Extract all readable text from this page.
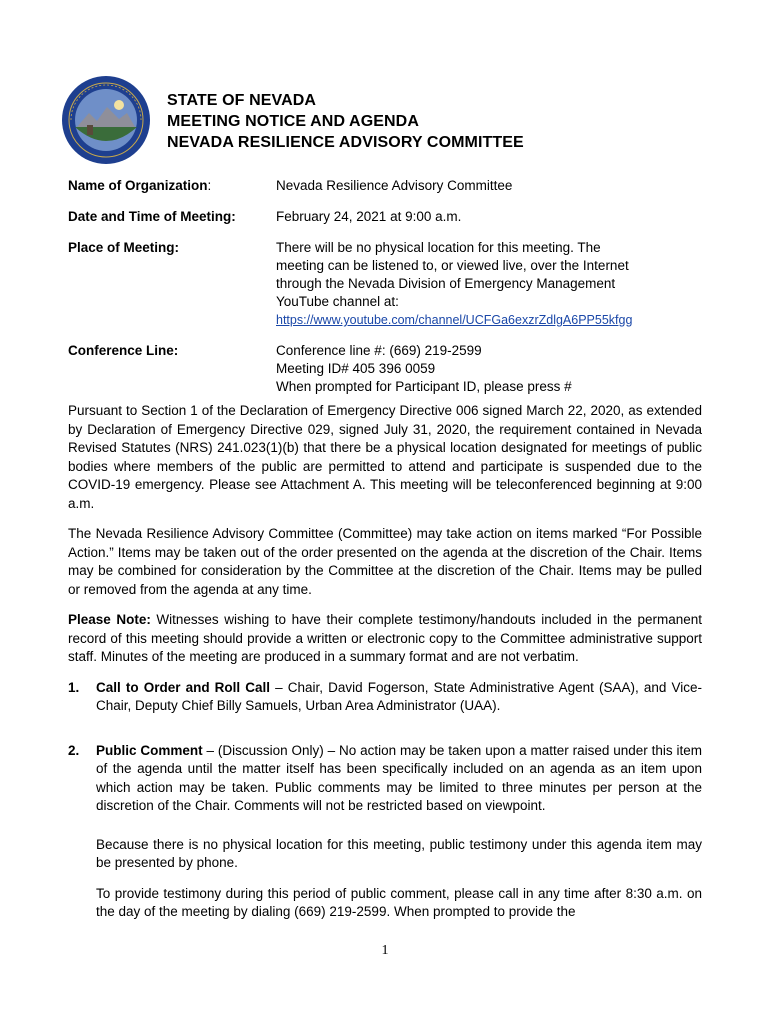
STATE OF NEVADA
MEETING NOTICE AND AGENDA
NEVADA RESILIENCE ADVISORY COMMITTEE
Name of Organization:	Nevada Resilience Advisory Committee
Date and Time of Meeting:	February 24, 2021 at 9:00 a.m.
Place of Meeting:	There will be no physical location for this meeting. The
meeting can be listened to, or viewed live, over the Internet
through the Nevada Division of Emergency Management
YouTube channel at:
https://www.youtube.com/channel/UCFGa6exzrZdlgA6PP55kfgg
Conference Line:	Conference line #: (669) 219-2599
Meeting ID# 405 396 0059
When prompted for Participant ID, please press #

Pursuant to Section 1 of the Declaration of Emergency Directive 006 signed March 22, 2020, as extended by Declaration of Emergency Directive 029, signed July 31, 2020, the requirement contained in Nevada Revised Statutes (NRS) 241.023(1)(b) that there be a physical location designated for meetings of public bodies where members of the public are permitted to attend and participate is suspended due to the COVID-19 emergency. Please see Attachment A. This meeting will be teleconferenced beginning at 9:00 a.m.

The Nevada Resilience Advisory Committee (Committee) may take action on items marked “For Possible Action.” Items may be taken out of the order presented on the agenda at the discretion of the Chair. Items may be combined for consideration by the Committee at the discretion of the Chair. Items may be pulled or removed from the agenda at any time.

Please Note: Witnesses wishing to have their complete testimony/handouts included in the permanent record of this meeting should provide a written or electronic copy to the Committee administrative support staff. Minutes of the meeting are produced in a summary format and are not verbatim.

1.	Call to Order and Roll Call – Chair, David Fogerson, State Administrative Agent (SAA), and Vice-Chair, Deputy Chief Billy Samuels, Urban Area Administrator (UAA).

2.	Public Comment – (Discussion Only) – No action may be taken upon a matter raised under this item of the agenda until the matter itself has been specifically included on an agenda as an item upon which action may be taken. Public comments may be limited to three minutes per person at the discretion of the Chair. Comments will not be restricted based on viewpoint.

Because there is no physical location for this meeting, public testimony under this agenda item may be presented by phone.

To provide testimony during this period of public comment, please call in any time after 8:30 a.m. on the day of the meeting by dialing (669) 219-2599. When prompted to provide the

1
